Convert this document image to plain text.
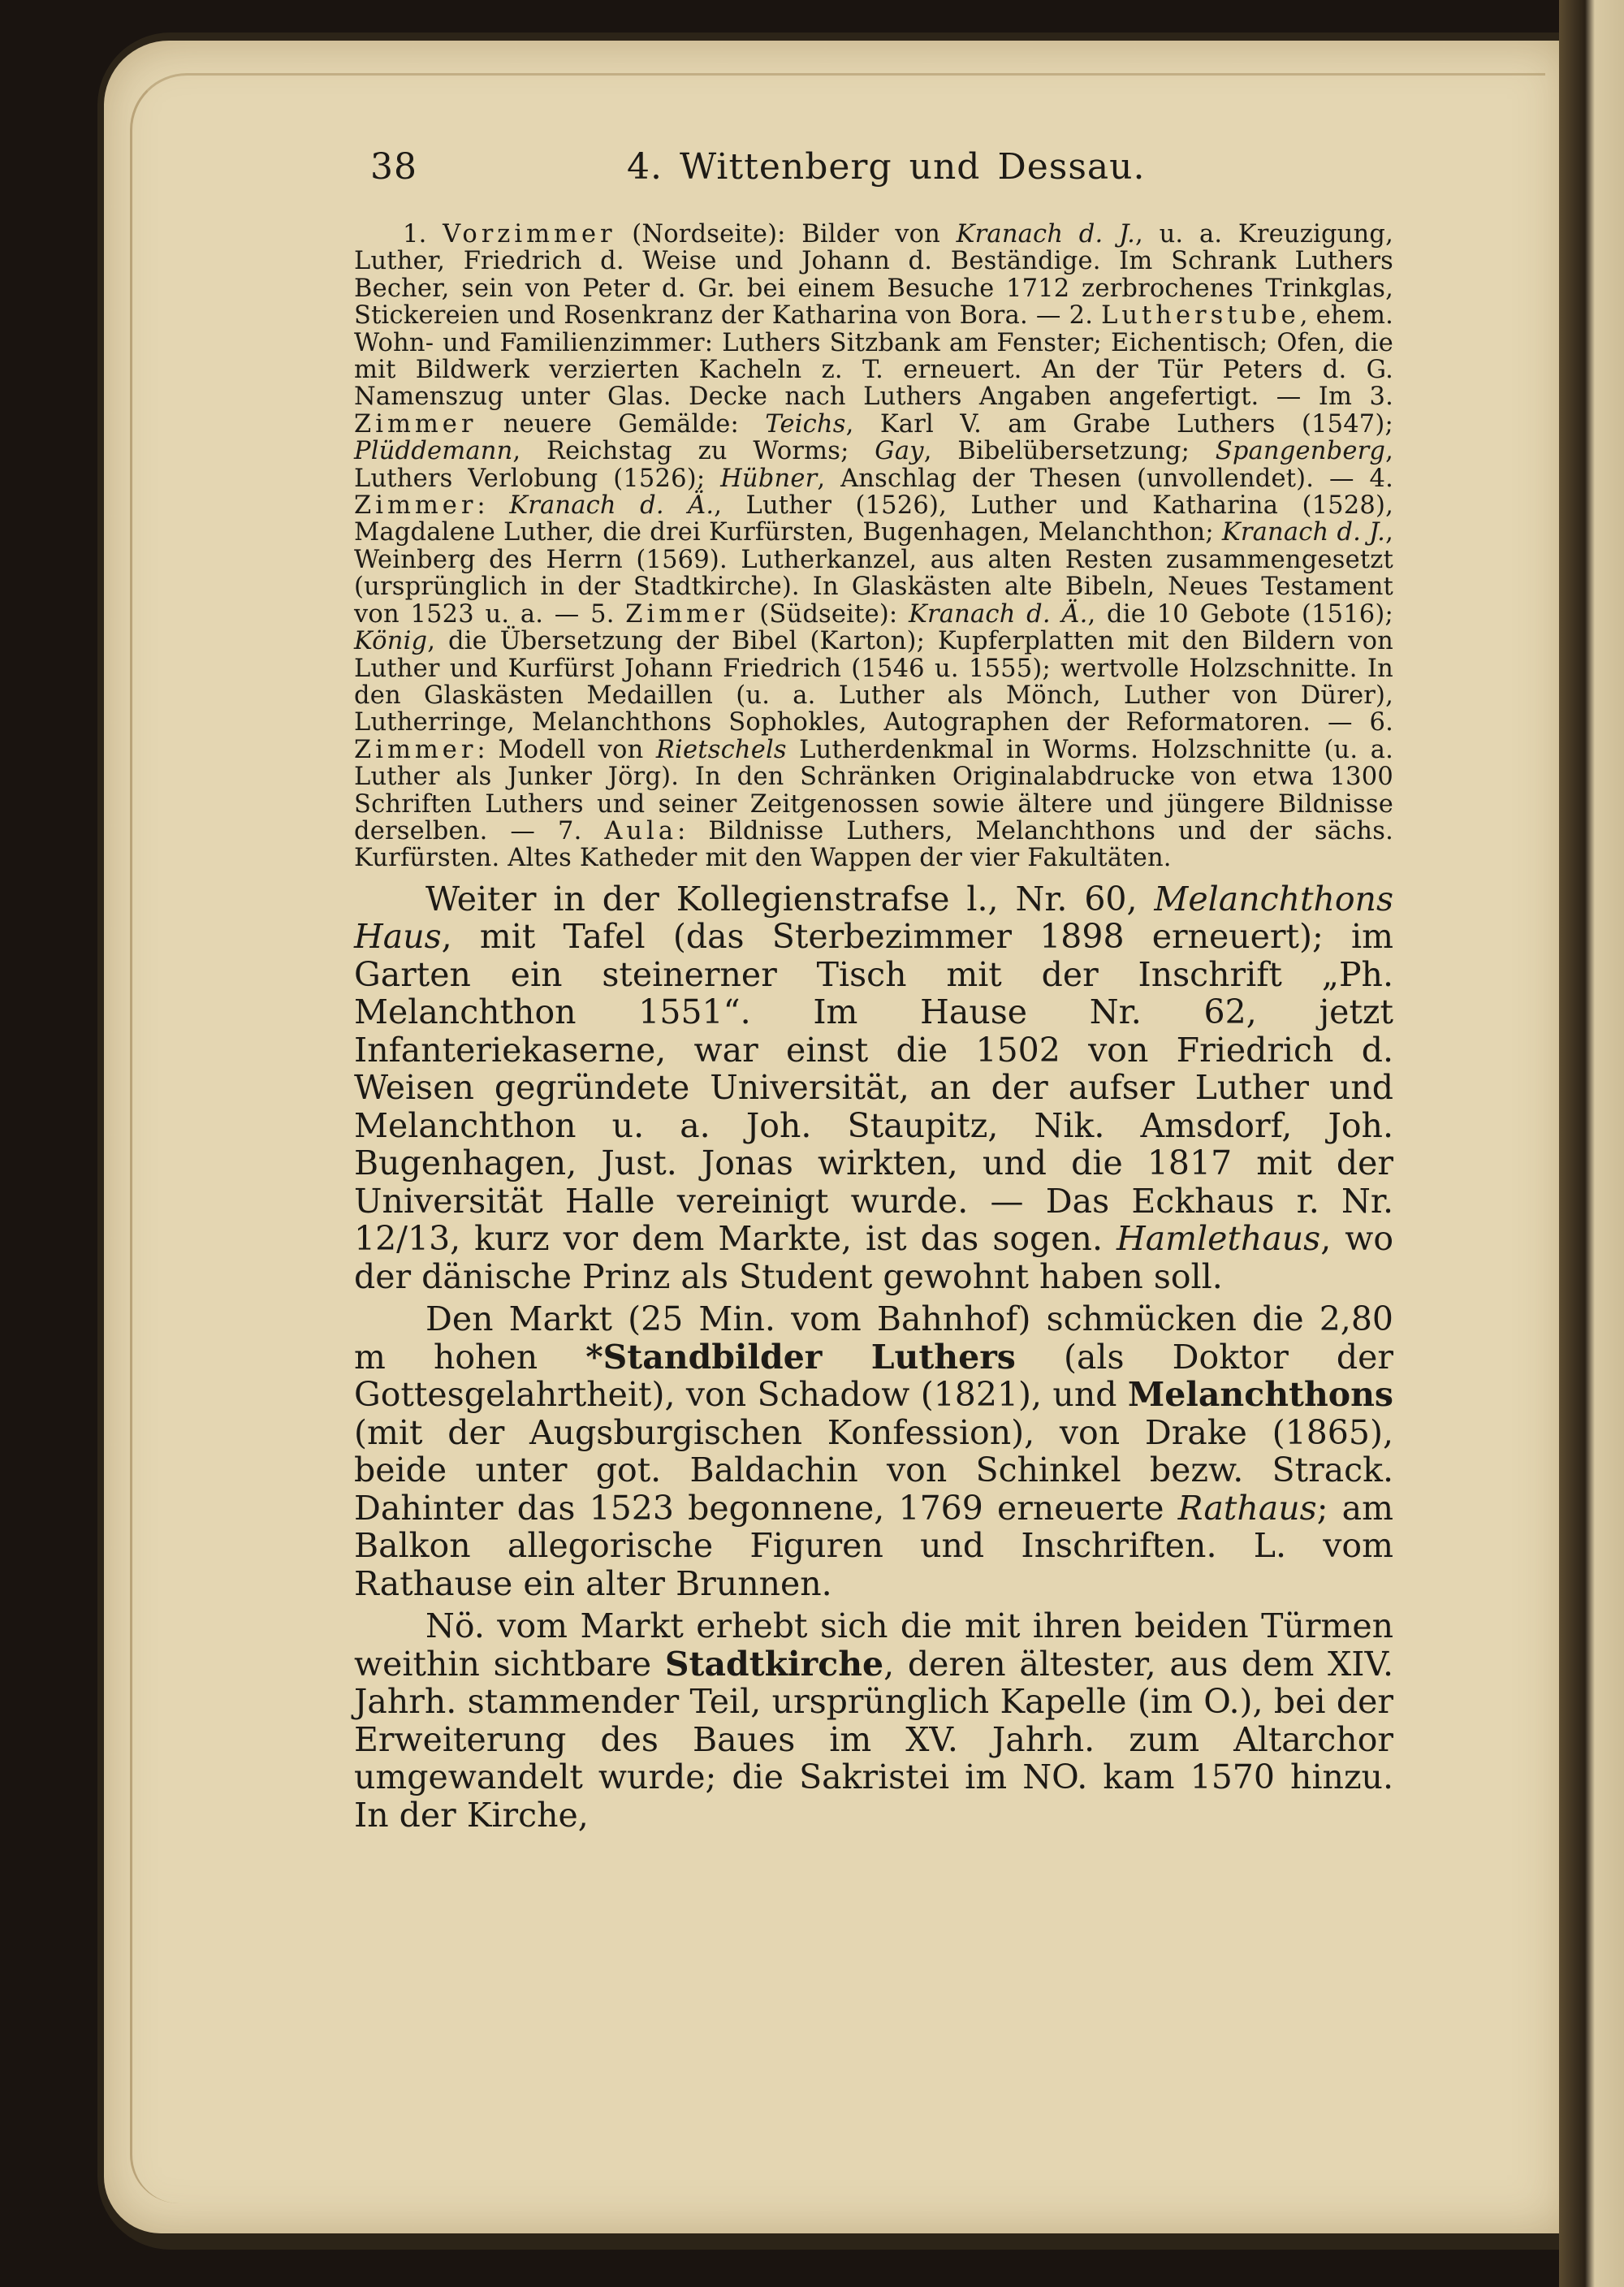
38	4. Wittenberg und Dessau.

1. Vorzimmer (Nordseite): Bilder von Kranach d. J., u. a. Kreuzigung, Luther, Friedrich d. Weise und Johann d. Beständige. Im Schrank Luthers Becher, sein von Peter d. Gr. bei einem Besuche 1712 zerbrochenes Trinkglas, Stickereien und Rosenkranz der Katharina von Bora. — 2. Lutherstube, ehem. Wohn- und Familienzimmer: Luthers Sitzbank am Fenster; Eichentisch; Ofen, die mit Bildwerk verzierten Kacheln z. T. erneuert. An der Tür Peters d. G. Namenszug unter Glas. Decke nach Luthers Angaben angefertigt. — Im 3. Zimmer neuere Gemälde: Teichs, Karl V. am Grabe Luthers (1547); Plüddemann, Reichstag zu Worms; Gay, Bibelübersetzung; Spangenberg, Luthers Verlobung (1526); Hübner, Anschlag der Thesen (unvollendet). — 4. Zimmer: Kranach d. Ä., Luther (1526), Luther und Katharina (1528), Magdalene Luther, die drei Kurfürsten, Bugenhagen, Melanchthon; Kranach d. J., Weinberg des Herrn (1569). Lutherkanzel, aus alten Resten zusammengesetzt (ursprünglich in der Stadtkirche). In Glaskästen alte Bibeln, Neues Testament von 1523 u. a. — 5. Zimmer (Südseite): Kranach d. Ä., die 10 Gebote (1516); König, die Übersetzung der Bibel (Karton); Kupferplatten mit den Bildern von Luther und Kurfürst Johann Friedrich (1546 u. 1555); wertvolle Holzschnitte. In den Glaskästen Medaillen (u. a. Luther als Mönch, Luther von Dürer), Lutherringe, Melanchthons Sophokles, Autographen der Reformatoren. — 6. Zimmer: Modell von Rietschels Lutherdenkmal in Worms. Holzschnitte (u. a. Luther als Junker Jörg). In den Schränken Originalabdrucke von etwa 1300 Schriften Luthers und seiner Zeitgenossen sowie ältere und jüngere Bildnisse derselben. — 7. Aula: Bildnisse Luthers, Melanchthons und der sächs. Kurfürsten. Altes Katheder mit den Wappen der vier Fakultäten.

Weiter in der Kollegienstrafse l., Nr. 60, Melanchthons Haus, mit Tafel (das Sterbezimmer 1898 erneuert); im Garten ein steinerner Tisch mit der Inschrift „Ph. Melanchthon 1551“. Im Hause Nr. 62, jetzt Infanteriekaserne, war einst die 1502 von Friedrich d. Weisen gegründete Universität, an der aufser Luther und Melanchthon u. a. Joh. Staupitz, Nik. Amsdorf, Joh. Bugenhagen, Just. Jonas wirkten, und die 1817 mit der Universität Halle vereinigt wurde. — Das Eckhaus r. Nr. 12/13, kurz vor dem Markte, ist das sogen. Hamlethaus, wo der dänische Prinz als Student gewohnt haben soll.

Den Markt (25 Min. vom Bahnhof) schmücken die 2,80 m hohen *Standbilder Luthers (als Doktor der Gottesgelahrtheit), von Schadow (1821), und Melanchthons (mit der Augsburgischen Konfession), von Drake (1865), beide unter got. Baldachin von Schinkel bezw. Strack. Dahinter das 1523 begonnene, 1769 erneuerte Rathaus; am Balkon allegorische Figuren und Inschriften. L. vom Rathause ein alter Brunnen.

Nö. vom Markt erhebt sich die mit ihren beiden Türmen weithin sichtbare Stadtkirche, deren ältester, aus dem XIV. Jahrh. stammender Teil, ursprünglich Kapelle (im O.), bei der Erweiterung des Baues im XV. Jahrh. zum Altarchor umgewandelt wurde; die Sakristei im NO. kam 1570 hinzu. In der Kirche,
